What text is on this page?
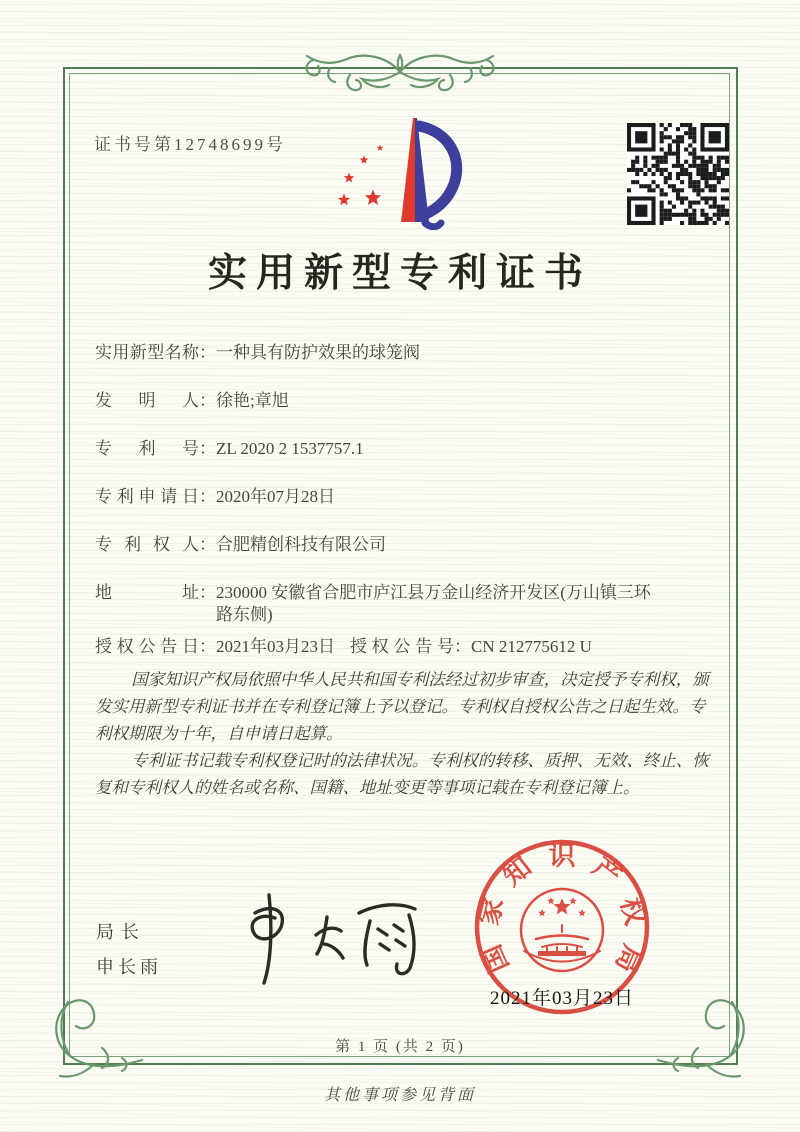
证书号第12748699号
实用新型专利证书
实用新型名称 ： 一种具有防护效果的球笼阀
发明人 ： 徐艳;章旭
专利号 ： ZL 2020 2 1537757.1
专利申请日 ： 2020年07月28日
专利权人 ： 合肥精创科技有限公司
地址 ： 230000 安徽省合肥市庐江县万金山经济开发区(万山镇三环路东侧)
授权公告日 ： 2021年03月23日 授权公告号 ： CN 212775612 U

国家知识产权局依照中华人民共和国专利法经过初步审查，决定授予专利权，颁发实用新型专利证书并在专利登记簿上予以登记。专利权自授权公告之日起生效。专利权期限为十年，自申请日起算。

专利证书记载专利权登记时的法律状况。专利权的转移、质押、无效、终止、恢复和专利权人的姓名或名称、国籍、地址变更等事项记载在专利登记簿上。

局长
申长雨	国
家
知 识 产
权
局
2021年03月23日
第 1 页 (共 2 页)
其他事项参见背面
